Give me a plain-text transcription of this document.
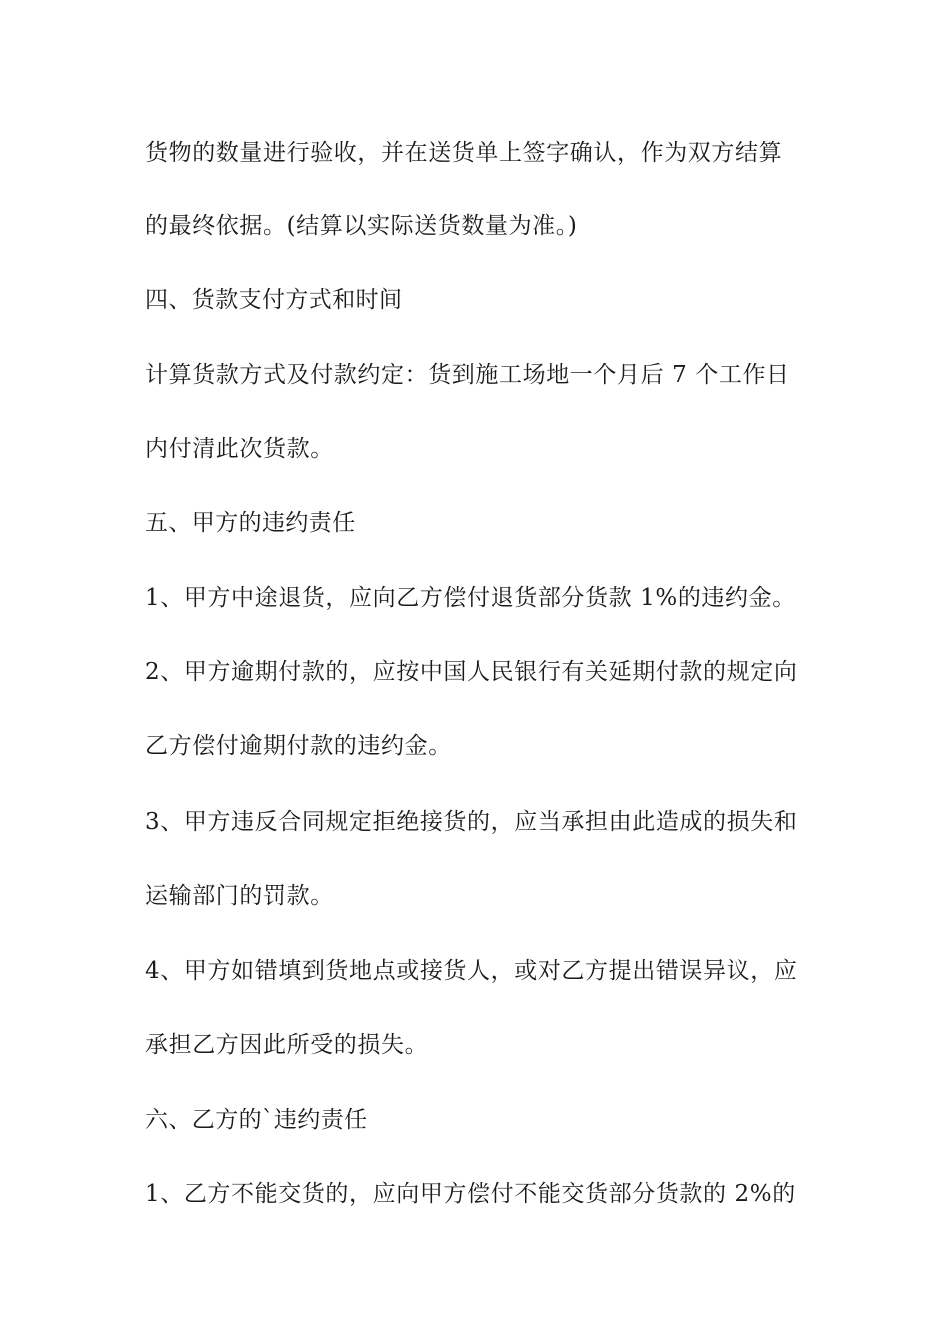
货物的数量进行验收，并在送货单上签字确认，作为双方结算
的最终依据。(结算以实际送货数量为准。)
四、货款支付方式和时间
计算货款方式及付款约定：货到施工场地一个月后 7 个工作日
内付清此次货款。
五、甲方的违约责任
1、甲方中途退货，应向乙方偿付退货部分货款 1%的违约金。
2、甲方逾期付款的，应按中国人民银行有关延期付款的规定向
乙方偿付逾期付款的违约金。
3、甲方违反合同规定拒绝接货的，应当承担由此造成的损失和
运输部门的罚款。
4、甲方如错填到货地点或接货人，或对乙方提出错误异议，应
承担乙方因此所受的损失。
六、乙方的`违约责任
1、乙方不能交货的，应向甲方偿付不能交货部分货款的 2%的
